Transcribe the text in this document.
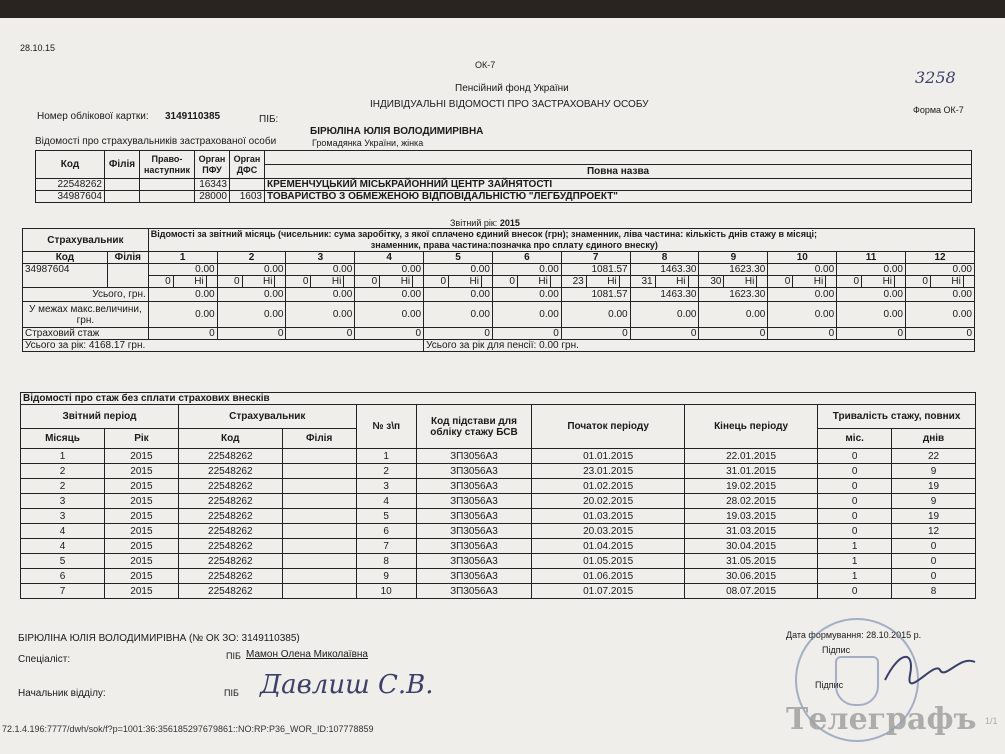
28.10.15
ОК-7
3258
Пенсійний фонд України
ІНДИВІДУАЛЬНІ ВІДОМОСТІ ПРО ЗАСТРАХОВАНУ ОСОБУ	Форма ОК-7
Номер облікової картки: 3149110385	ПІБ:
БІРЮЛІНА ЮЛІЯ ВОЛОДИМИРІВНА
Громадянка України, жінка
Відомості про страхувальників застрахованої особи
Код	Філія	Право-наступник	Орган ПФУ	Орган ДФС	
					Повна назва
22548262			16343		КРЕМЕНЧУЦЬКИЙ МІСЬКРАЙОННИЙ ЦЕНТР ЗАЙНЯТОСТІ
34987604			28000	1603	ТОВАРИСТВО З ОБМЕЖЕНОЮ ВІДПОВІДАЛЬНІСТЮ "ЛЕГБУДПРОЕКТ"
Звітний рік: 2015
Страхувальник		Відомості за звітний місяць (чисельник: сума заробітку, з якої сплачено єдиний внесок (грн); знаменник, ліва частина: кількість днів стажу в місяці;
знаменник, права частина:позначка про сплату єдиного внеску)																																			

Код	Філія	1			2			3			4			5			6			7			8			9			10			11			12		
34987604		0.00			0.00			0.00			0.00			0.00			0.00			1081.57			1463.30			1623.30			0.00			0.00			0.00		
		0	Ні		0	Ні		0	Ні		0	Ні		0	Ні		0	Ні		23	Ні		31	Ні		30	Ні		0	Ні		0	Ні		0	Ні	
Усього, грн.		0.00			0.00			0.00			0.00			0.00			0.00			1081.57			1463.30			1623.30			0.00			0.00			0.00		
У межах макс.величини, грн.		0.00			0.00			0.00			0.00			0.00			0.00			0.00			0.00			0.00			0.00			0.00			0.00		
Страховий стаж		0			0			0			0			0			0			0			0			0			0			0			0		
Усього за рік: 4168.17 грн.														Усього за рік для пенсії: 0.00 грн.																							
Відомості про стаж без сплати страхових внесків									
Звітний період		Страхувальник		№ з\п	Код підстави для обліку стажу БСВ	Початок періоду	Кінець періоду	Тривалість стажу, повних	
Місяць	Рік	Код	Філія					міс.	днів
1	2015	22548262		1	ЗП3056А3	01.01.2015	22.01.2015	0	22
2	2015	22548262		2	ЗП3056А3	23.01.2015	31.01.2015	0	9
2	2015	22548262		3	ЗП3056А3	01.02.2015	19.02.2015	0	19
3	2015	22548262		4	ЗП3056А3	20.02.2015	28.02.2015	0	9
3	2015	22548262		5	ЗП3056А3	01.03.2015	19.03.2015	0	19
4	2015	22548262		6	ЗП3056А3	20.03.2015	31.03.2015	0	12
4	2015	22548262		7	ЗП3056А3	01.04.2015	30.04.2015	1	0
5	2015	22548262		8	ЗП3056А3	01.05.2015	31.05.2015	1	0
6	2015	22548262		9	ЗП3056А3	01.06.2015	30.06.2015	1	0
7	2015	22548262		10	ЗП3056А3	01.07.2015	08.07.2015	0	8
БІРЮЛІНА ЮЛІЯ ВОЛОДИМИРІВНА (№ ОК ЗО: 3149110385)	Дата формування: 28.10.2015 р.
Спеціаліст:	ПІБ Мамон Олена Миколаївна	Підпис
Начальник відділу:	ПІБ Давлиш С.В.	Підпис
72.1.4.196:7777/dwh/sok/f?p=1001:36:356185297679861::NO:RP:P36_WOR_ID:107778859	Телеграфъ 1/1
